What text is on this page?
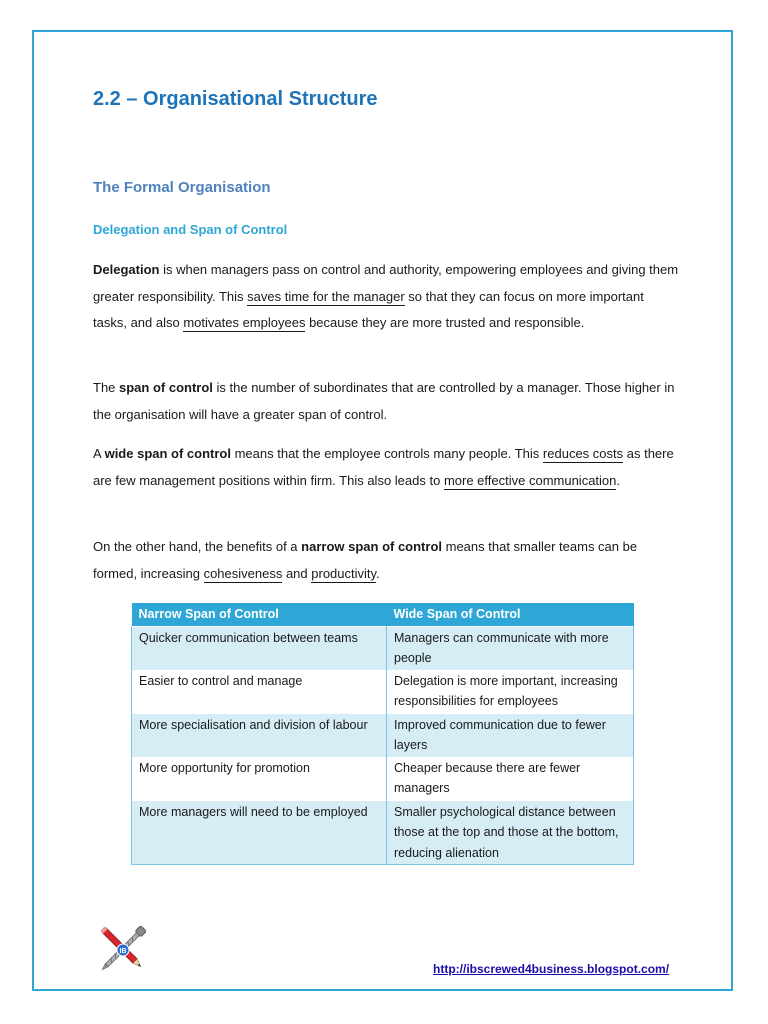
2.2 – Organisational Structure
The Formal Organisation
Delegation and Span of Control

Delegation is when managers pass on control and authority, empowering employees and giving them greater responsibility. This saves time for the manager so that they can focus on more important tasks, and also motivates employees because they are more trusted and responsible.

The span of control is the number of subordinates that are controlled by a manager. Those higher in the organisation will have a greater span of control.

A wide span of control means that the employee controls many people. This reduces costs as there are few management positions within firm. This also leads to more effective communication.

On the other hand, the benefits of a narrow span of control means that smaller teams can be formed, increasing cohesiveness and productivity.

Narrow Span of Control	Wide Span of Control
Quicker communication between teams	Managers can communicate with more people
Easier to control and manage	Delegation is more important, increasing responsibilities for employees
More specialisation and division of labour	Improved communication due to fewer layers
More opportunity for promotion	Cheaper because there are fewer managers
More managers will need to be employed	Smaller psychological distance between those at the top and those at the bottom, reducing alienation
IB
http://ibscrewed4business.blogspot.com/
